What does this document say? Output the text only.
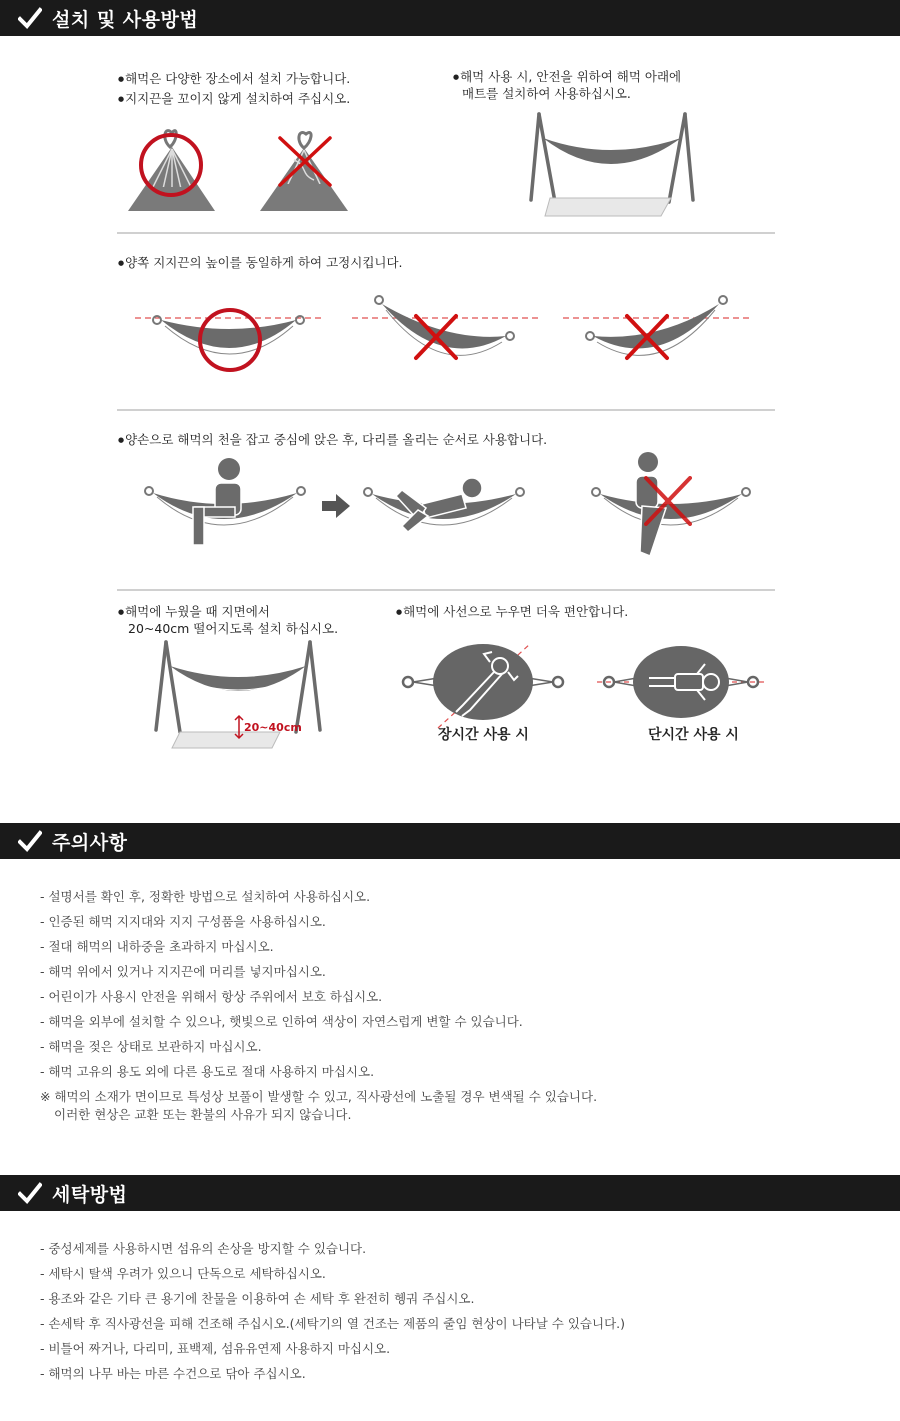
설치 및 사용방법
● 해먹은 다양한 장소에서 설치 가능합니다.
● 지지끈을 꼬이지 않게 설치하여 주십시오.
● 해먹 사용 시, 안전을 위하여 해먹 아래에
매트를 설치하여 사용하십시오.
● 양쪽 지지끈의 높이를 동일하게 하여 고정시킵니다.
● 양손으로 해먹의 천을 잡고 중심에 앉은 후, 다리를 올리는 순서로 사용합니다.
● 해먹에 누웠을 때 지면에서
20~40cm 떨어지도록 설치 하십시오.
● 해먹에 사선으로 누우면 더욱 편안합니다.
20~40cm	장시간 사용 시	단시간 사용 시
주의사항
- 설명서를 확인 후, 정확한 방법으로 설치하여 사용하십시오.
- 인증된 해먹 지지대와 지지 구성품을 사용하십시오.
- 절대 해먹의 내하중을 초과하지 마십시오.
- 해먹 위에서 있거나 지지끈에 머리를 넣지마십시오.
- 어린이가 사용시 안전을 위해서 항상 주위에서 보호 하십시오.
- 해먹을 외부에 설치할 수 있으나, 햇빛으로 인하여 색상이 자연스럽게 변할 수 있습니다.
- 해먹을 젖은 상태로 보관하지 마십시오.
- 해먹 고유의 용도 외에 다른 용도로 절대 사용하지 마십시오.
※ 해먹의 소재가 면이므로 특성상 보풀이 발생할 수 있고, 직사광선에 노출될 경우 변색될 수 있습니다.
이러한 현상은 교환 또는 환불의 사유가 되지 않습니다.
세탁방법
- 중성세제를 사용하시면 섬유의 손상을 방지할 수 있습니다.
- 세탁시 탈색 우려가 있으니 단독으로 세탁하십시오.
- 용조와 같은 기타 큰 용기에 찬물을 이용하여 손 세탁 후 완전히 헹궈 주십시오.
- 손세탁 후 직사광선을 피해 건조해 주십시오.(세탁기의 열 건조는 제품의 줄임 현상이 나타날 수 있습니다.)
- 비틀어 짜거나, 다리미, 표백제, 섬유유연제 사용하지 마십시오.
- 해먹의 나무 바는 마른 수건으로 닦아 주십시오.
